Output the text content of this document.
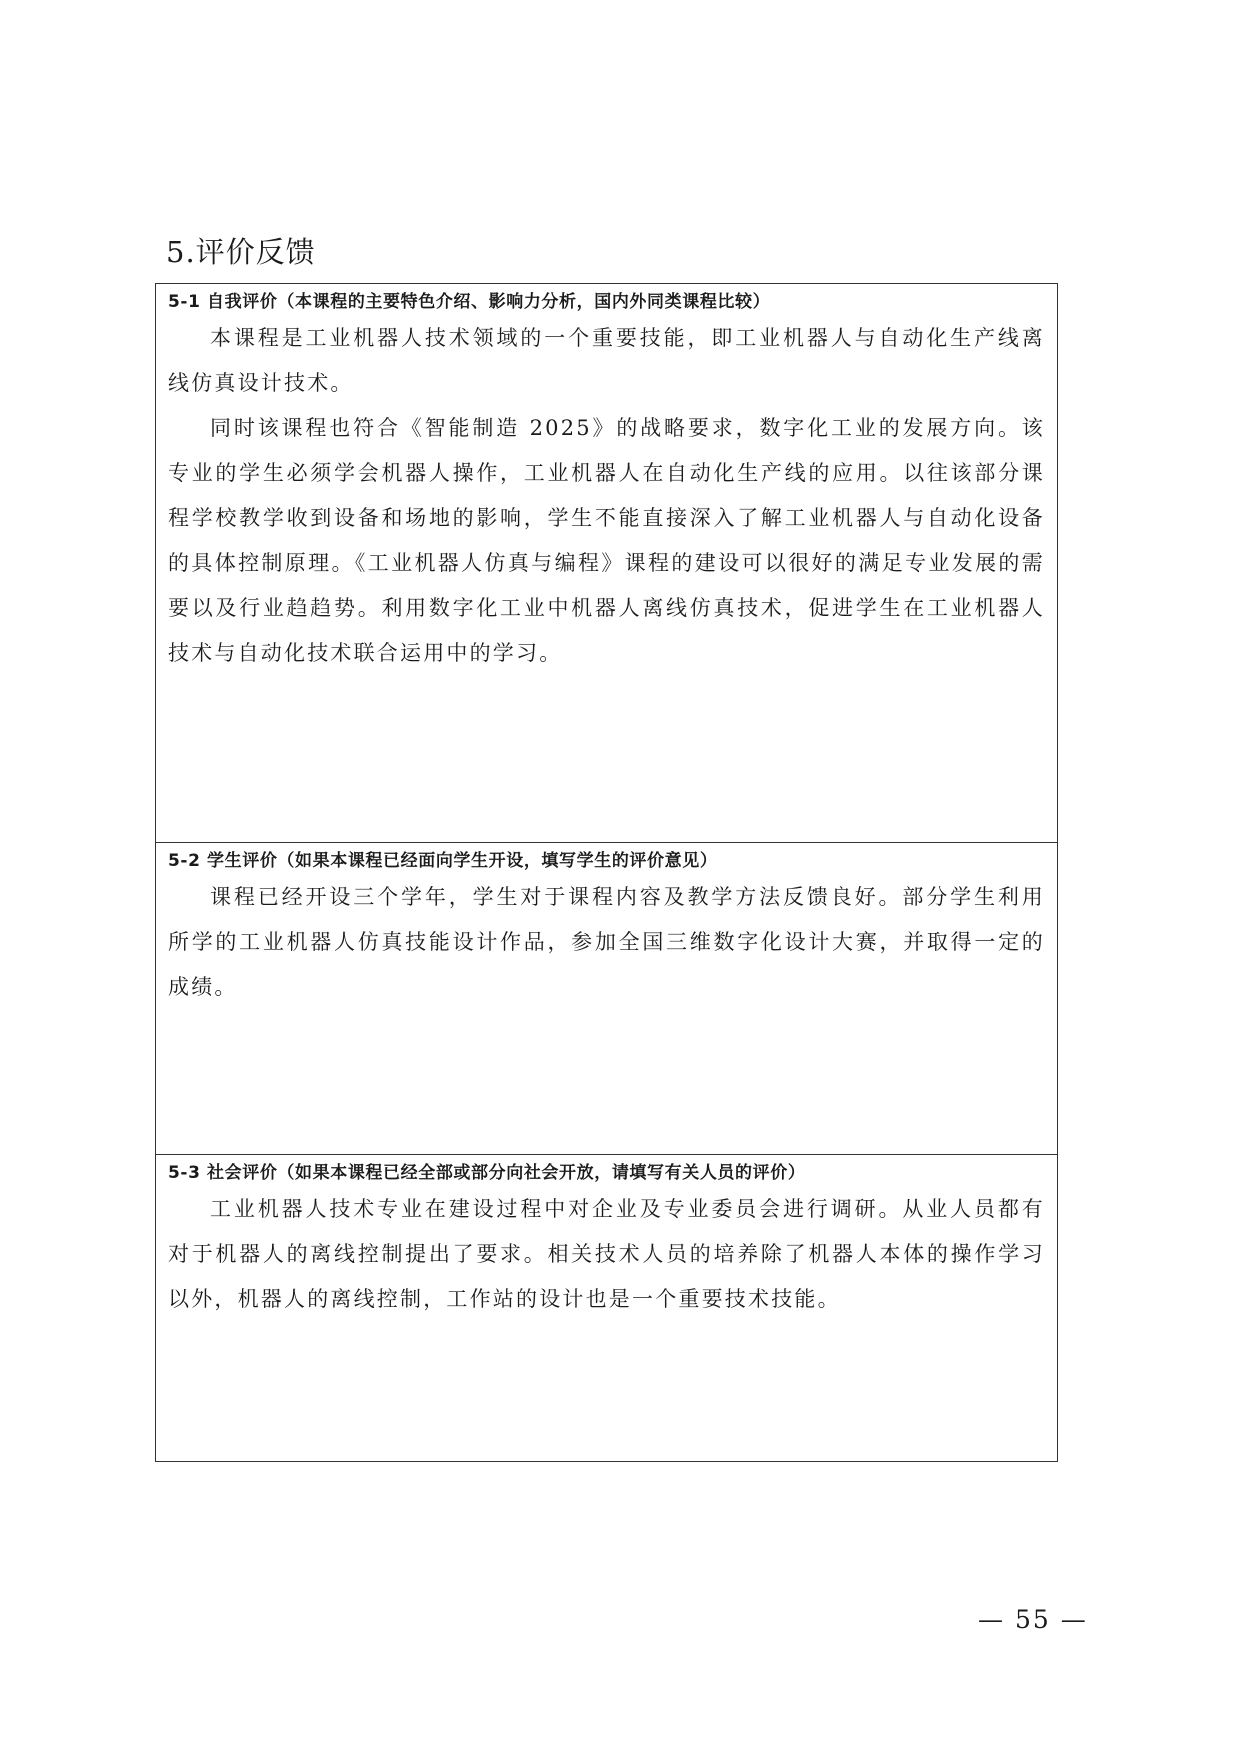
5.评价反馈
5-1 自我评价（本课程的主要特色介绍、影响力分析，国内外同类课程比较）

本课程是工业机器人技术领域的一个重要技能，即工业机器人与自动化生产线离线仿真设计技术。

同时该课程也符合《智能制造 2025》的战略要求，数字化工业的发展方向。该专业的学生必须学会机器人操作，工业机器人在自动化生产线的应用。以往该部分课程学校教学收到设备和场地的影响，学生不能直接深入了解工业机器人与自动化设备的具体控制原理。《工业机器人仿真与编程》课程的建设可以很好的满足专业发展的需要以及行业趋趋势。利用数字化工业中机器人离线仿真技术，促进学生在工业机器人技术与自动化技术联合运用中的学习。

5-2 学生评价（如果本课程已经面向学生开设，填写学生的评价意见）

课程已经开设三个学年，学生对于课程内容及教学方法反馈良好。部分学生利用所学的工业机器人仿真技能设计作品，参加全国三维数字化设计大赛，并取得一定的成绩。

5-3 社会评价（如果本课程已经全部或部分向社会开放，请填写有关人员的评价）

工业机器人技术专业在建设过程中对企业及专业委员会进行调研。从业人员都有对于机器人的离线控制提出了要求。相关技术人员的培养除了机器人本体的操作学习以外，机器人的离线控制，工作站的设计也是一个重要技术技能。

— 55 —
